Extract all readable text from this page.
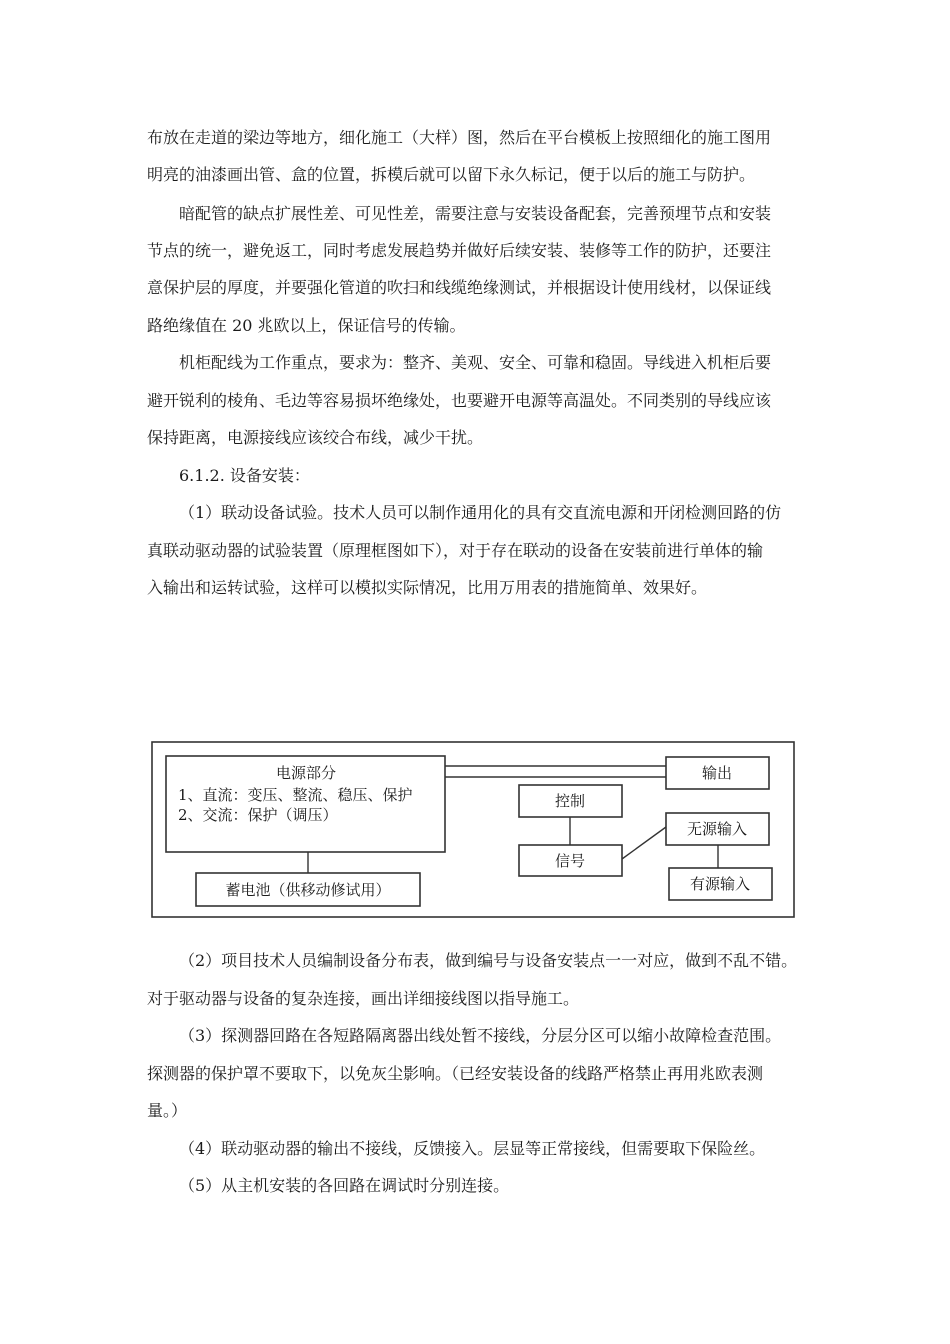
布放在走道的梁边等地方，细化施工（大样）图，然后在平台模板上按照细化的施工图用
明亮的油漆画出管、盒的位置，拆模后就可以留下永久标记，便于以后的施工与防护。
暗配管的缺点扩展性差、可见性差，需要注意与安装设备配套，完善预埋节点和安装
节点的统一，避免返工，同时考虑发展趋势并做好后续安装、装修等工作的防护，还要注
意保护层的厚度，并要强化管道的吹扫和线缆绝缘测试，并根据设计使用线材，以保证线
路绝缘值在 20 兆欧以上，保证信号的传输。
机柜配线为工作重点，要求为：整齐、美观、安全、可靠和稳固。导线进入机柜后要
避开锐利的棱角、毛边等容易损坏绝缘处，也要避开电源等高温处。不同类别的导线应该
保持距离，电源接线应该绞合布线，减少干扰。
6.1.2. 设备安装：
（1）联动设备试验。技术人员可以制作通用化的具有交直流电源和开闭检测回路的仿
真联动驱动器的试验装置（原理框图如下），对于存在联动的设备在安装前进行单体的输
入输出和运转试验，这样可以模拟实际情况，比用万用表的措施简单、效果好。
电源部分
1、直流：变压、整流、稳压、保护
2、交流：保护（调压）
蓄电池（供移动修试用）
控制
信号
输出
无源输入
有源输入
（2）项目技术人员编制设备分布表，做到编号与设备安装点一一对应，做到不乱不错。
对于驱动器与设备的复杂连接，画出详细接线图以指导施工。
（3）探测器回路在各短路隔离器出线处暂不接线，分层分区可以缩小故障检查范围。
探测器的保护罩不要取下，以免灰尘影响。（已经安装设备的线路严格禁止再用兆欧表测
量。）
（4）联动驱动器的输出不接线，反馈接入。层显等正常接线，但需要取下保险丝。
（5）从主机安装的各回路在调试时分别连接。
